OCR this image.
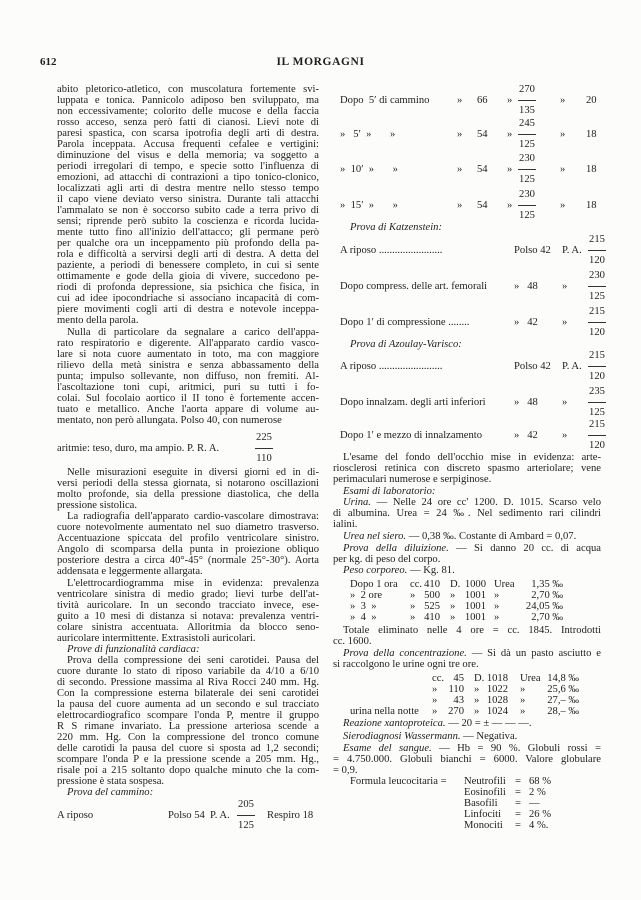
612	IL MORGAGNI
abito pletorico-atletico, con muscolatura fortemente svi-
luppata e tonica. Pannicolo adiposo ben sviluppato, ma
non eccessivamente; colorito delle mucose e della faccia
rosso acceso, senza però fatti di cianosi. Lievi note di
paresi spastica, con scarsa ipotrofia degli arti di destra.
Parola inceppata. Accusa frequenti cefalee e vertigini:
diminuzione del visus e della memoria; va soggetto a
periodi irregolari di tempo, e specie sotto l'influenza di
emozioni, ad attacchi di contrazioni a tipo tonico-clonico,
localizzati agli arti di destra mentre nello stesso tempo
il capo viene deviato verso sinistra. Durante tali attacchi
l'ammalato se non è soccorso subito cade a terra privo di
sensi; riprende però subito la coscienza e ricorda lucida-
mente tutto fino all'inizio dell'attacco; gli permane però
per qualche ora un inceppamento più profondo della pa-
rola e difficoltà a servirsi degli arti di destra. A detta del
paziente, a periodi di benessere completo, in cui si sente
ottimamente e gode della gioia di vivere, succedono pe-
riodi di profonda depressione, sia psichica che fisica, in
cui ad idee ipocondriache si associano incapacità di com-
piere movimenti cogli arti di destra e notevole inceppa-
mento della parola.
Nulla di particolare da segnalare a carico dell'appa-
rato respiratorio e digerente. All'apparato cardio vasco-
lare si nota cuore aumentato in toto, ma con maggiore
rilievo della metà sinistra e senza abbassamento della
punta; impulso sollevante, non diffuso, non fremiti. Al-
l'ascoltazione toni cupi, aritmici, puri su tutti i fo-
colai. Sul focolaio aortico il II tono è fortemente accen-
tuato e metallico. Anche l'aorta appare di volume au-
mentato, non però allungata. Polso 40, con numerose
aritmie: teso, duro, ma ampio. P. R. A.	$\frac{225}{110}$
Nelle misurazioni eseguite in diversi giorni ed in di-
versi periodi della stessa giornata, si notarono oscillazioni
molto profonde, sia della pressione diastolica, che della
pressione sistolica.
La radiografia dell'apparato cardio-vascolare dimostrava:
cuore notevolmente aumentato nel suo diametro trasverso.
Accentuazione spiccata del profilo ventricolare sinistro.
Angolo di scomparsa della punta in proiezione obliquo
posteriore destra a circa 40°-45° (normale 25°-30°). Aorta
addensata e leggermente allargata.
L'elettrocardiogramma mise in evidenza: prevalenza
ventricolare sinistra di medio grado; lievi turbe dell'at-
tività auricolare. In un secondo tracciato invece, ese-
guito a 10 mesi di distanza si notava: prevalenza ventri-
colare sinistra accentuata. Alloritmia da blocco seno-
auricolare intermittente. Extrasistoli auricolari.
Prove di funzionalità cardiaca:
Prova della compressione dei seni carotidei. Pausa del
cuore durante lo stato di riposo variabile da 4/10 a 6/10
di secondo. Pressione massima al Riva Rocci 240 mm. Hg.
Con la compressione esterna bilaterale dei seni carotidei
la pausa del cuore aumenta ad un secondo e sul tracciato
elettrocardiografico scompare l'onda P, mentre il gruppo
R S rimane invariato. La pressione arteriosa scende a
220 mm. Hg. Con la compressione del tronco comune
delle carotidi la pausa del cuore si sposta ad 1,2 secondi;
scompare l'onda P e la pressione scende a 205 mm. Hg.,
risale poi a 215 soltanto dopo qualche minuto che la com-
pressione è stata sospesa.
Prova del cammino:
A riposo	Polso 54 P. A. $\frac{205}{125}$ Respiro 18
Dopo  5′ di cammino	» 66 » $\frac{270}{135}$ » 20
»   5′  »       »	» 54 » $\frac{245}{125}$ » 18
»  10′  »       »	» 54 » $\frac{230}{125}$ » 18
»  15′  »       »	» 54 » $\frac{230}{125}$ » 18
Prova di Katzenstein:
A riposo ........................	Polso 42 P. A. $\frac{215}{120}$
Dopo compress. delle art. femorali	»   48 » $\frac{230}{125}$
Dopo 1′ di compressione ........	»   42 » $\frac{215}{120}$
Prova di Azoulay-Varisco:
A riposo ........................	Polso 42 P. A. $\frac{215}{120}$
Dopo innalzam. degli arti inferiori	»   48 » $\frac{235}{125}$
Dopo 1′ e mezzo di innalzamento	»   42 » $\frac{215}{120}$
L'esame del fondo dell'occhio mise in evidenza: arte-
riosclerosi retinica con discreto spasmo arteriolare; vene
perimaculari numerose e serpiginose.
Esami di laboratorio:
Urina. — Nelle 24 ore cc' 1200. D. 1015. Scarso velo
di albumina. Urea = 24 ‰. Nel sedimento rari cilindri
ialini.
Urea nel siero. — 0,38 ‰. Costante di Ambard = 0,07.
Prova della diluizione. — Si danno 20 cc. di acqua
per kg. di peso del corpo.
Peso corporeo. — Kg. 81.
Dopo 1 ora cc. 410 D. 1000 Urea 1,35 ‰
»  2 ore	» 500 » 1001 »	2,70 ‰
»  3  »	» 525 » 1001 »	24,05 ‰
»  4  »	» 410 » 1001 »	2,70 ‰
Totale eliminato nelle 4 ore = cc. 1845. Introdotti
cc. 1600.
Prova della concentrazione. — Si dà un pasto asciutto e
si raccolgono le urine ogni tre ore.
cc. 45 D. 1018 Urea 14,8 ‰
» 110 » 1022 » 25,6 ‰
» 43 » 1028 » 27,– ‰
urina nella notte » 270 » 1024 » 28,– ‰
Reazione xantoproteica. — 20 = ± — — —.
Sierodiagnosi Wassermann. — Negativa.
Esame del sangue. — Hb = 90 %. Globuli rossi =
= 4.750.000. Globuli bianchi = 6000. Valore globulare
= 0,9.
Formula leucocitaria = Neutrofili = 68 %
Eosinofili = 2 %
Basofili = —
Linfociti = 26 %
Monociti = 4 %.
